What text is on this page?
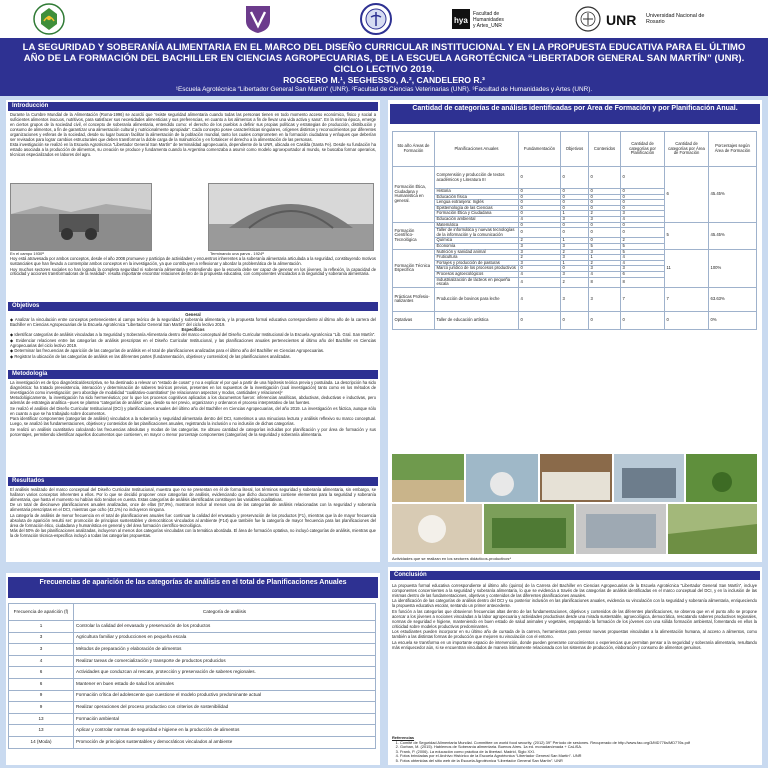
hya
Facultad de
Humanidades
y Artes_UNR	UNR Universidad Nacional de Rosario
LA SEGURIDAD Y SOBERANÍA ALIMENTARIA EN EL MARCO DEL DISEÑO CURRICULAR INSTITUCIONAL Y EN LA PROPUESTA EDUCATIVA PARA EL ÚLTIMO AÑO DE LA FORMACIÓN DEL BACHILLER EN CIENCIAS AGROPECUARIAS, DE LA ESCUELA AGROTÉCNICA “LIBERTADOR GENERAL SAN MARTÍN” (UNR). CICLO LECTIVO 2019.
ROGGERO M.¹, SEGHESSO, A.², CANDELERO R.³
¹Escuela Agrotécnica “Libertador General San Martín” (UNR). ²Facultad de Ciencias Veterinarias (UNR). ³Facultad de Humanidades y Artes (UNR).
Introducción

Durante la Cumbre Mundial de la Alimentación (Roma-1996) se acordó que “existe seguridad alimentaria cuando todas las personas tienen en todo momento acceso económico, físico y social a suficientes alimentos inocuos, nutritivos, para satisfacer sus necesidades alimenticias y sus preferencias, en cuanto a los alimentos a fin de llevar una vida activa y sana”. En la misma época, emerge en ciertos grupos de la sociedad civil, el concepto de soberanía alimentaria, entendido como: el derecho de los pueblos a definir sus propias políticas y estrategias de producción, distribución y consumo de alimentos, a fin de garantizar una alimentación cultural y nutricionalmente apropiada”. Cada concepto posee características singulares, orígenes distintos y reconocimientos por diferentes organizaciones y esferas de la sociedad, desde su lugar buscan facilitar la alimentación de la población mundial, tanto los cuales comprometen en la formación ciudadana y enfoques que deberían ser revisados para lograr cambios estructurales que deben transformar la doble carga de la malnutrición y en fortalecer el derecho a la alimentación de las personas.

Esta investigación se realizó en la Escuela Agrotécnica “Libertador General San Martín” de terminalidad agropecuaria, dependiente de la UNR, ubicada en Casilda (Santa Fe). Desde su fundación ha estado asociada a la producción de alimentos, su creación se produce y fundamenta cuando la Argentina comenzaba a asumir como modelo agroexportador al mundo, se buscaba formar operarios, técnicos especializados en labores del agro.

En el campo 1930ª	Terminando una parva - 1924ª

Hoy está atravesada por ambos conceptos, desde el año 2008 promueve y participa de actividades y encuentros inherentes a la soberanía alimentaria articulada a la seguridad, constituyendo motivos sustanciales que han llevado a contemplar ambos conceptos en la investigación, ya que contribuyen a reflexionar y abordar la problemática de la alimentación.

Hoy muchos sectores sociales no han logrado la completa seguridad ni soberanía alimentaria y entendiendo que la escuela debe ser capaz de generar en los jóvenes, la reflexión, la capacidad de criticidad y acciones transformadoras de la realidad¹. resulta importante encontrar relaciones dentro de la propuesta educativa, con componentes vinculados a la seguridad y soberanía alimentaria.

Objetivos
General

◆ Analizar la vinculación entre conceptos pertenecientes al campo teórico de la seguridad y soberanía alimentaria, y la propuesta formal educativa correspondiente al último año de la carrera del Bachiller en Ciencias Agropecuarias de la Escuela Agrotécnica “Libertador General San Martín” del ciclo lectivo 2019.

Específicos

◆ Identificar categorías de análisis vinculadas a la Seguridad y Soberanía Alimentaria dentro del marco conceptual del Diseño Curricular Institucional de la Escuela Agrotécnica “Lib. Gral. San Martín”.

◆ Evidenciar relaciones entre las categorías de análisis prescriptas en el Diseño Curricular Institucional, y las planificaciones anuales pertenecientes al último año del Bachiller en Ciencias Agropecuarias del ciclo lectivo 2019.

◆ Determinar las frecuencias de aparición de las categorías de análisis en el total de planificaciones analizadas para el último año del Bachiller en Ciencias Agropecuarias.

◆ Registrar la ubicación de las categorías de análisis en las diferentes partes (fundamentación, objetivos y contenidos) de las planificaciones analizadas.

Metodología

La investigación es de tipo diagnóstica/descriptiva, se ha destinado a relevar un “estado de cosas” y no a explicar el por qué a partir de una hipótesis teórica previa y postulada. La descripción ha sido diagnóstica: ha tratado preexistencia, interacción y determinación de saberes teóricos previos, presentes en los supuestos de la investigación (cual investigación) tanto como en los métodos de investigación como investigación: pero abordaje de modalidad “cualitativo-cuantitativa” (se relacionaron aspectos y modos, cantidades y relaciones)²

Metodológicamente, la investigación ha sido hermenéutica; por lo que los procesos cognitivos aplicados a los documentos fueron: inferencias analíticas, abductivas, deductivas e inductivas, pero además de estrategia analítica –pues se plantea “categorías de análisis” que, desde su ser previo, organizaron y ordenaron el proceso interpretativo de las fuentes.

Se realizó el análisis del Diseño Curricular Institucional (DCI) y planificaciones anuales del último año del Bachiller en Ciencias Agropecuarias, del año 2019. La investigación es fáctica, aunque sólo en cuanto a que se ha trabajado sobre documentos.

Para identificar componentes (categorías de análisis) vinculados a la soberanía y seguridad alimentaria dentro del DCI, sometimos a una minuciosa lectura y análisis reflexivo su marco conceptual. Luego, se analizó las fundamentaciones, objetivos y contenidos de las planificaciones anuales, registrando la inclusión o no inclusión de dichas categorías.

Se realizó un análisis cuantitativo calculando las frecuencias absolutas y modas de las categorías. Se obtuvo cantidad de categorías incluidas por planificación y por área de formación y sus porcentajes, permitiendo identificar aquellos documentos que contienen, en mayor o menor porcentaje componentes (categorías) de la seguridad y soberanía alimentaria.

Resultados

El análisis realizado del marco conceptual del Diseño Curricular Institucional, muestra que no se presentan en él de forma literal, los términos seguridad y soberanía alimentaria, sin embargo, se hallaron varios conceptos inherentes a ellos. Por lo que se decidió proponer once categorías de análisis, evidenciando que dicho documento contiene elementos para la seguridad y soberanía alimentaria, que hasta el momento no habían sido tenidos en cuenta. Estas categorías de análisis identificadas constituyen las variables cualitativas.

De un total de diecinueve planificaciones anuales analizadas, once de ellas (57,9%), mostraron incluir al menos una de las categorías de análisis relacionadas con la seguridad y soberanía alimentaria prescriptas en el DCI, mientras que ocho (42,1%) no incluyeron ninguna.

La categoría de análisis de menor frecuencia en el total de planificaciones anuales fue: continuar la calidad del envasado y preservación de los productos (F1), mientras que la de mayor frecuencia absoluta de aparición resultó ser: promoción de principios sustentables y democráticos vinculados al ambiente (F14) que también fue la categoría de mayor frecuencia para las planificaciones del área de formación ético, ciudadana y humanística en general y del área formación científico-tecnológica.

Más del 50% de las planificaciones analizadas, incluyeron al menos dos categorías vinculadas con la temática abordada. El área de formación optativa, no incluyó categorías de análisis, mientras que la de formación técnica-específica incluyó a todas las categorías propuestas.

Frecuencias de aparición de las categorías de análisis en el total de Planificaciones Anuales
Frecuencia de aparición (f)	Categoría de análisis
1	Controlar la calidad del envasado y preservación de los productos
3	Agricultura familiar y producciones en pequeña escala
3	Métodos de preparación y elaboración de alimentos
4	Realizar tareas de comercialización y transporte de productos producidos
6	Actividades que conduzcan al rescate, protección y preservación de saberes regionales.
6	Mantener en buen estado de salud los animales
9	Formación crítica del adolescente que cuestione el modelo productivo predominante actual
9	Realizar operaciones del proceso productivo con criterios de sostenibilidad
13	Formación ambiental
13	Aplicar y controlar normas de seguridad e higiene en la producción de alimentos
14 (Moda)	Promoción de principios sustentables y democráticos vinculados al ambiente
Cantidad de categorías de análisis identificadas por Área de Formación y por Planificación Anual.
5to año Áreas de Formación	Planificaciones Anuales	Fundamentación	Objetivos	Contenidos	Cantidad de categorías por Planificación	Cantidad de categorías por Área de Formación	Porcentajes según Área de Formación
Formación Ética, Ciudadana y Humanística en general.	Comprensión y producción de textos académicos y Literatura III	0	0	0	0	6	45.45%
	Historia	0	0	0	0		
	Educación física	0	0	0	0		
	Lengua extranjera: Inglés	0	0	0	0		
	Epistemología de las Ciencias	0	0	0	0		
	Formación Ética y Ciudadana	0	1	2	3		
	Educación ambiental	4	3	3	4		
Formación Científico-Tecnológica	Matemática	0	0	0	0	5	45.45%
	Taller de informática y nuevas tecnologías de la información y la comunicación	0	0	0	0		
	Química	2	1	0	2		
	Economía	3	3	5	5		
Formación Técnica Específica	Nutrición y sanidad animal	3	2	3	5	11	100%
	Fruticultura	2	3	1	4		
	Forrajes y producción de pasturas	3	1	2	4		
	Marco jurídico de los procesos productivos	0	0	3	3		
	Procesos agroecológicos	4	3	4	6		
	Industrialización de lácteos en pequeña escala	4	2	8	8		
Prácticas Profesio-nalizantes	Producción de bovinos para leche	4	3	3	7	7	63.63%
Optativas	Taller de educación artística	0	0	0	0	0	0%
Actividades que se realizan en los sectores didácticos-productivos⁴
Conclusión

La propuesta formal educativa correspondiente al último año (quinto) de la Carrera del Bachiller en Ciencias Agropecuarias de la Escuela Agrotécnica “Libertador General San Martín”, incluye componentes concernientes a la seguridad y soberanía alimentaria, lo que se evidencia a través de las categorías de análisis identificadas en el marco conceptual del DCI, y en la inclusión de las mismas dentro de las fundamentaciones, objetivos y contenidos de las diferentes planificaciones anuales.

La identificación de las categorías de análisis dentro del DCI y su posterior inclusión en las planificaciones anuales, evidencia su vinculación con la seguridad y soberanía alimentaria, enriqueciendo la propuesta educativa escolar, sentando un primer antecedente.

En función a las categorías que obtuvieron frecuencias altas dentro de las fundamentaciones, objetivos y contenidos de las diferentes planificaciones, se observa que en el punto año se propone acercar a los jóvenes a nociones vinculadas a la labor agropecuaria y actividades productivas desde una mirada sustentable, agroecológica, democrática, rescatando saberes productivos regionales, normas de seguridad e higiene, manteniendo en buen estado de salud animales y vegetales, empapando la formación de los jóvenes con una sólida formación ambiental, fomentando en ellos la criticidad sobre modelos productivos predominantes.

Los estudiantes pueden incorporar en su último año de cursada de la carrera, herramientas para pensar nuevas propuestas vinculadas a la alimentación humana, al acceso a alimentos, como también a las distintas formas de producción que mejoren su vinculación con el entorno.

La escuela se transforma en un importante espacio de intervención, donde pueden generarse conocimientos o experiencias que permitan pensar a la seguridad y soberanía alimentaria, resultando más enriquecedor aún, si se encuentran vinculados de manera íntimamente relacionada con los sistemas de producción, elaboración y consumo de alimentos genuinos.

Referencias
1. Comité de Seguridad Alimentaria Mundial. Committee on world food security. (2012) 39° Período de sesiones. Recuperado de http://www.fao.org/3/MD776s/MD776s.pdf
2. Gorban, M. (2015). Hablemos de Soberanía alimentaria. Buenos Aires. 1a ed. monadanómada + CaLiSA.
3. Frank, P. (2006). La educación como práctica de la libertad. Madrid, Siglo XXI.
4. Fotos brindadas por el Archivo Histórico de la Escuela Agrotécnica “Libertador General San Martín”. UNR
5. Fotos obtenidas del sitio web de la Escuela Agrotécnica “Libertador General San Martín”. UNR
